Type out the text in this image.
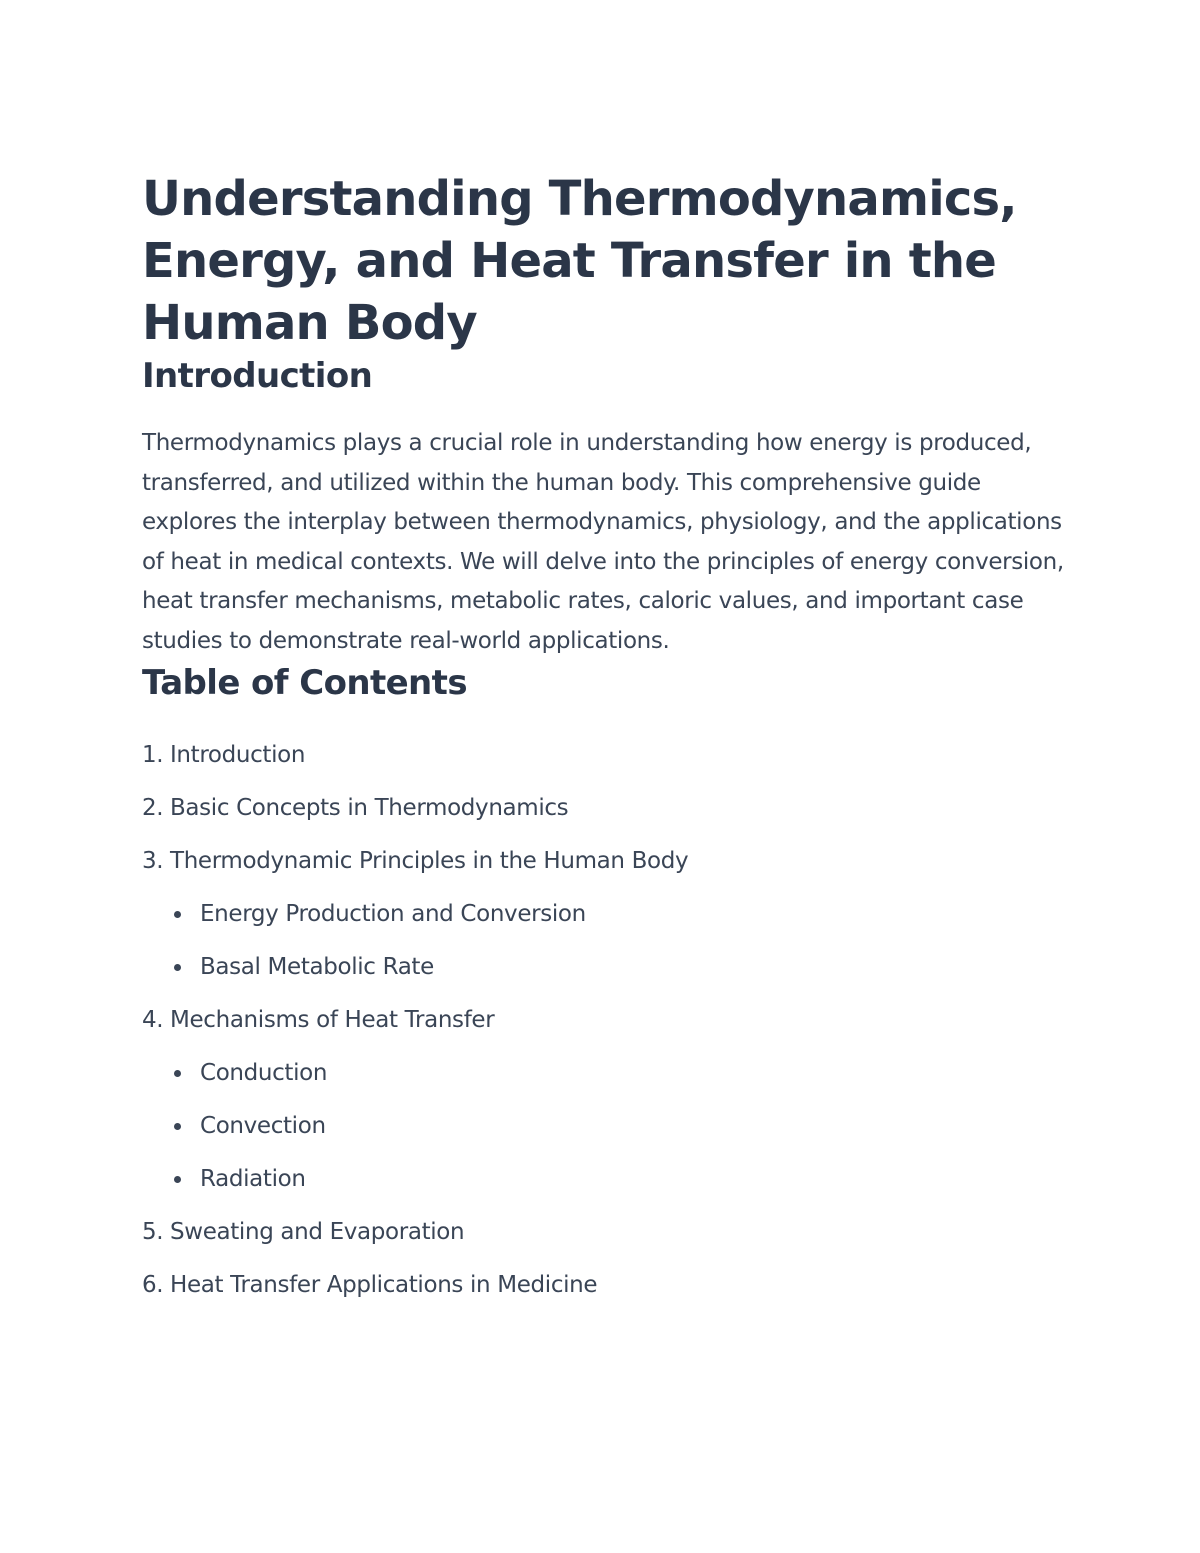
Understanding Thermodynamics, Energy, and Heat Transfer in the Human Body
Introduction

Thermodynamics plays a crucial role in understanding how energy is produced, transferred, and utilized within the human body. This comprehensive guide explores the interplay between thermodynamics, physiology, and the applications of heat in medical contexts. We will delve into the principles of energy conversion, heat transfer mechanisms, metabolic rates, caloric values, and important case studies to demonstrate real-world applications.

Table of Contents
1. Introduction
2. Basic Concepts in Thermodynamics
3. Thermodynamic Principles in the Human Body
Energy Production and Conversion
Basal Metabolic Rate
4. Mechanisms of Heat Transfer
Conduction
Convection
Radiation
5. Sweating and Evaporation
6. Heat Transfer Applications in Medicine
